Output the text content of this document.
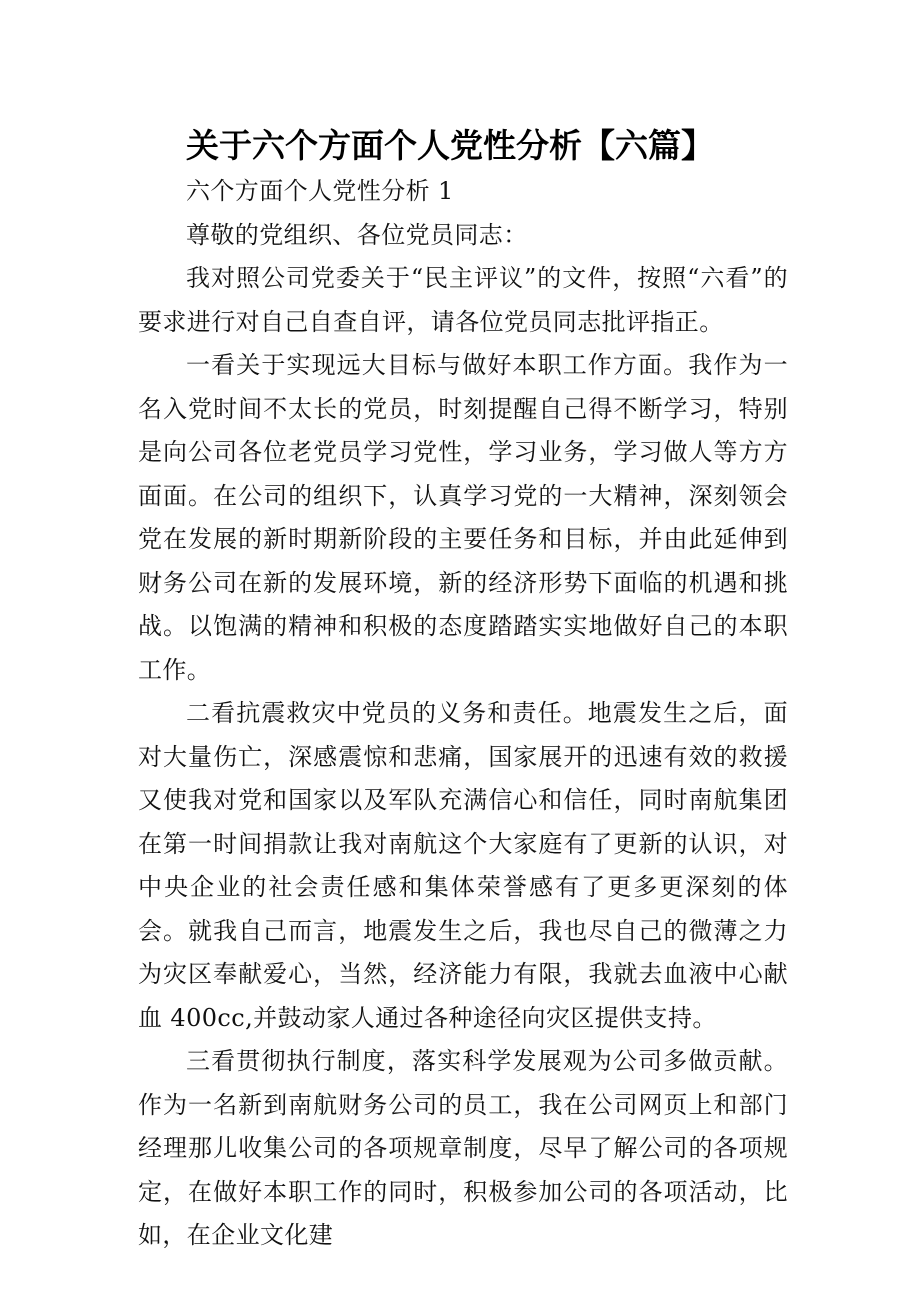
关于六个方面个人党性分析【六篇】

六个方面个人党性分析 1

尊敬的党组织、各位党员同志：

我对照公司党委关于“民主评议”的文件，按照“六看”的要求进行对自己自查自评，请各位党员同志批评指正。

一看关于实现远大目标与做好本职工作方面。我作为一名入党时间不太长的党员，时刻提醒自己得不断学习，特别是向公司各位老党员学习党性，学习业务，学习做人等方方面面。在公司的组织下，认真学习党的一大精神，深刻领会党在发展的新时期新阶段的主要任务和目标，并由此延伸到财务公司在新的发展环境，新的经济形势下面临的机遇和挑战。以饱满的精神和积极的态度踏踏实实地做好自己的本职工作。

二看抗震救灾中党员的义务和责任。地震发生之后，面对大量伤亡，深感震惊和悲痛，国家展开的迅速有效的救援又使我对党和国家以及军队充满信心和信任，同时南航集团在第一时间捐款让我对南航这个大家庭有了更新的认识，对中央企业的社会责任感和集体荣誉感有了更多更深刻的体会。就我自己而言，地震发生之后，我也尽自己的微薄之力为灾区奉献爱心，当然，经济能力有限，我就去血液中心献血 400cc,并鼓动家人通过各种途径向灾区提供支持。

三看贯彻执行制度，落实科学发展观为公司多做贡献。作为一名新到南航财务公司的员工，我在公司网页上和部门经理那儿收集公司的各项规章制度，尽早了解公司的各项规定，在做好本职工作的同时，积极参加公司的各项活动，比如，在企业文化建
